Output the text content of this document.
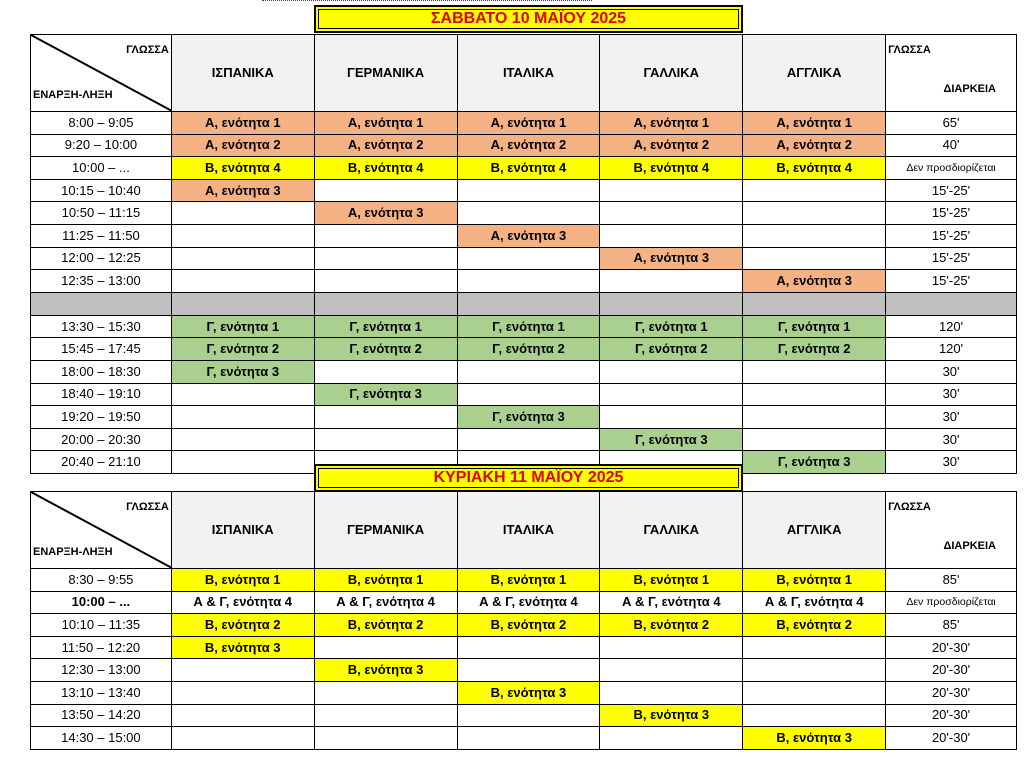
ΣΑΒΒΑΤΟ 10 ΜΑΪΟΥ 2025
ΓΛΩΣΣΑ
ΕΝΑΡΞΗ-ΛΗΞΗ	ΙΣΠΑΝΙΚΑ	ΓΕΡΜΑΝΙΚΑ	ΙΤΑΛΙΚΑ	ΓΑΛΛΙΚΑ	ΑΓΓΛΙΚΑ	ΓΛΩΣΣΑ
ΔΙΑΡΚΕΙΑ

8:00 – 9:05	Α, ενότητα 1	Α, ενότητα 1	Α, ενότητα 1	Α, ενότητα 1	Α, ενότητα 1	65'
9:20 – 10:00	Α, ενότητα 2	Α, ενότητα 2	Α, ενότητα 2	Α, ενότητα 2	Α, ενότητα 2	40'
10:00 – ...	Β, ενότητα 4	Β, ενότητα 4	Β, ενότητα 4	Β, ενότητα 4	Β, ενότητα 4	Δεν προσδιορίζεται
10:15 – 10:40	Α, ενότητα 3					15'-25'
10:50 – 11:15		Α, ενότητα 3				15'-25'
11:25 – 11:50			Α, ενότητα 3			15'-25'
12:00 – 12:25				Α, ενότητα 3		15'-25'
12:35 – 13:00					Α, ενότητα 3	15'-25'

13:30 – 15:30	Γ, ενότητα 1	Γ, ενότητα 1	Γ, ενότητα 1	Γ, ενότητα 1	Γ, ενότητα 1	120'
15:45 – 17:45	Γ, ενότητα 2	Γ, ενότητα 2	Γ, ενότητα 2	Γ, ενότητα 2	Γ, ενότητα 2	120'
18:00 – 18:30	Γ, ενότητα 3					30'
18:40 – 19:10		Γ, ενότητα 3				30'
19:20 – 19:50			Γ, ενότητα 3			30'
20:00 – 20:30				Γ, ενότητα 3		30'
20:40 – 21:10					Γ, ενότητα 3	30'
ΚΥΡΙΑΚΗ 11 ΜΑΪΟΥ 2025
ΓΛΩΣΣΑ
ΕΝΑΡΞΗ-ΛΗΞΗ	ΙΣΠΑΝΙΚΑ	ΓΕΡΜΑΝΙΚΑ	ΙΤΑΛΙΚΑ	ΓΑΛΛΙΚΑ	ΑΓΓΛΙΚΑ	ΓΛΩΣΣΑ
ΔΙΑΡΚΕΙΑ

8:30 – 9:55	Β, ενότητα 1	Β, ενότητα 1	Β, ενότητα 1	Β, ενότητα 1	Β, ενότητα 1	85'
10:00 – ...	Α & Γ, ενότητα 4	Α & Γ, ενότητα 4	Α & Γ, ενότητα 4	Α & Γ, ενότητα 4	Α & Γ, ενότητα 4	Δεν προσδιορίζεται
10:10 – 11:35	Β, ενότητα 2	Β, ενότητα 2	Β, ενότητα 2	Β, ενότητα 2	Β, ενότητα 2	85'
11:50 – 12:20	Β, ενότητα 3					20'-30'
12:30 – 13:00		Β, ενότητα 3				20'-30'
13:10 – 13:40			Β, ενότητα 3			20'-30'
13:50 – 14:20				Β, ενότητα 3		20'-30'
14:30 – 15:00					Β, ενότητα 3	20'-30'
